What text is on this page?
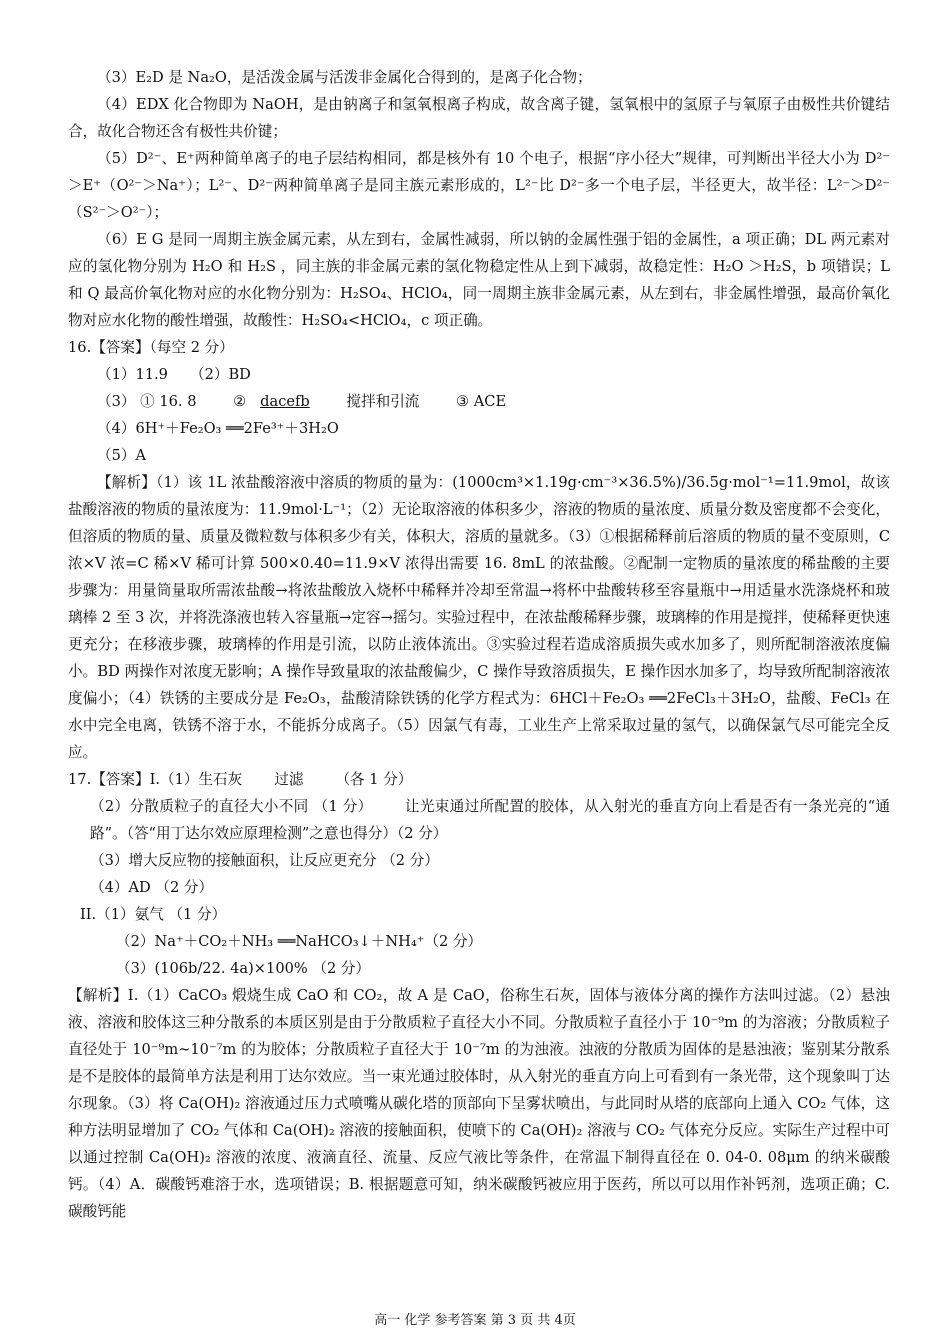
（3）E₂D 是 Na₂O，是活泼金属与活泼非金属化合得到的，是离子化合物；

（4）EDX 化合物即为 NaOH，是由钠离子和氢氧根离子构成，故含离子键，氢氧根中的氢原子与氧原子由极性共价键结合，故化合物还含有极性共价键；

（5）D²⁻、E⁺两种简单离子的电子层结构相同，都是核外有 10 个电子，根据“序小径大”规律，可判断出半径大小为 D²⁻＞E⁺（O²⁻＞Na⁺）；L²⁻、D²⁻两种简单离子是同主族元素形成的，L²⁻比 D²⁻多一个电子层，半径更大，故半径：L²⁻＞D²⁻（S²⁻＞O²⁻）；

（6）E G 是同一周期主族金属元素，从左到右，金属性减弱，所以钠的金属性强于铝的金属性，a 项正确；DL 两元素对应的氢化物分别为 H₂O 和 H₂S ，同主族的非金属元素的氢化物稳定性从上到下减弱，故稳定性：H₂O ＞H₂S，b 项错误；L 和 Q 最高价氧化物对应的水化物分别为：H₂SO₄、HClO₄，同一周期主族非金属元素，从左到右，非金属性增强，最高价氧化物对应水化物的酸性增强，故酸性：H₂SO₄<HClO₄，c 项正确。

16.【答案】（每空 2 分）

（1）11.9 （2）BD

（3） ① 16. 8	② dacefb	搅拌和引流	③ ACE

（4）6H⁺＋Fe₂O₃ ══2Fe³⁺＋3H₂O

（5）A

【解析】（1）该 1L 浓盐酸溶液中溶质的物质的量为：(1000cm³×1.19g·cm⁻³×36.5%)/36.5g·mol⁻¹=11.9mol，故该盐酸溶液的物质的量浓度为：11.9mol·L⁻¹；（2）无论取溶液的体积多少，溶液的物质的量浓度、质量分数及密度都不会变化，但溶质的物质的量、质量及微粒数与体积多少有关，体积大，溶质的量就多。（3）①根据稀释前后溶质的物质的量不变原则，C 浓×V 浓=C 稀×V 稀可计算 500×0.40=11.9×V 浓得出需要 16. 8mL 的浓盐酸。②配制一定物质的量浓度的稀盐酸的主要步骤为：用量筒量取所需浓盐酸→将浓盐酸放入烧杯中稀释并冷却至常温→将杯中盐酸转移至容量瓶中→用适量水洗涤烧杯和玻璃棒 2 至 3 次，并将洗涤液也转入容量瓶→定容→摇匀。实验过程中，在浓盐酸稀释步骤，玻璃棒的作用是搅拌，使稀释更快速更充分；在移液步骤，玻璃棒的作用是引流，以防止液体流出。③实验过程若造成溶质损失或水加多了，则所配制溶液浓度偏小。BD 两操作对浓度无影响；A 操作导致量取的浓盐酸偏少，C 操作导致溶质损失，E 操作因水加多了，均导致所配制溶液浓度偏小；（4）铁锈的主要成分是 Fe₂O₃，盐酸清除铁锈的化学方程式为：6HCl＋Fe₂O₃ ══2FeCl₃＋3H₂O，盐酸、FeCl₃ 在水中完全电离，铁锈不溶于水，不能拆分成离子。（5）因氯气有毒，工业生产上常采取过量的氢气，以确保氯气尽可能完全反应。

17.【答案】I.（1）生石灰 过滤 （各 1 分）

（2）分散质粒子的直径大小不同 （1 分） 让光束通过所配置的胶体，从入射光的垂直方向上看是否有一条光亮的“通路”。（答“用丁达尔效应原理检测”之意也得分）（2 分）

（3）增大反应物的接触面积，让反应更充分 （2 分）

（4）AD （2 分）

II.（1）氨气 （1 分）

（2）Na⁺＋CO₂＋NH₃ ══NaHCO₃↓＋NH₄⁺（2 分）

（3）(106b/22. 4a)×100% （2 分）

【解析】Ⅰ.（1）CaCO₃ 煅烧生成 CaO 和 CO₂，故 A 是 CaO，俗称生石灰，固体与液体分离的操作方法叫过滤。（2）悬浊液、溶液和胶体这三种分散系的本质区别是由于分散质粒子直径大小不同。分散质粒子直径小于 10⁻⁹m 的为溶液；分散质粒子直径处于 10⁻⁹m~10⁻⁷m 的为胶体；分散质粒子直径大于 10⁻⁷m 的为浊液。浊液的分散质为固体的是悬浊液；鉴别某分散系是不是胶体的最简单方法是利用丁达尔效应。当一束光通过胶体时，从入射光的垂直方向上可看到有一条光带，这个现象叫丁达尔现象。（3）将 Ca(OH)₂ 溶液通过压力式喷嘴从碳化塔的顶部向下呈雾状喷出，与此同时从塔的底部向上通入 CO₂ 气体，这种方法明显增加了 CO₂ 气体和 Ca(OH)₂ 溶液的接触面积，使喷下的 Ca(OH)₂ 溶液与 CO₂ 气体充分反应。实际生产过程中可以通过控制 Ca(OH)₂ 溶液的浓度、液滴直径、流量、反应气液比等条件，在常温下制得直径在 0. 04-0. 08μm 的纳米碳酸钙。（4）A．碳酸钙难溶于水，选项错误；B. 根据题意可知，纳米碳酸钙被应用于医药，所以可以用作补钙剂，选项正确；C. 碳酸钙能

高一 化学 参考答案 第 3 页 共 4页
